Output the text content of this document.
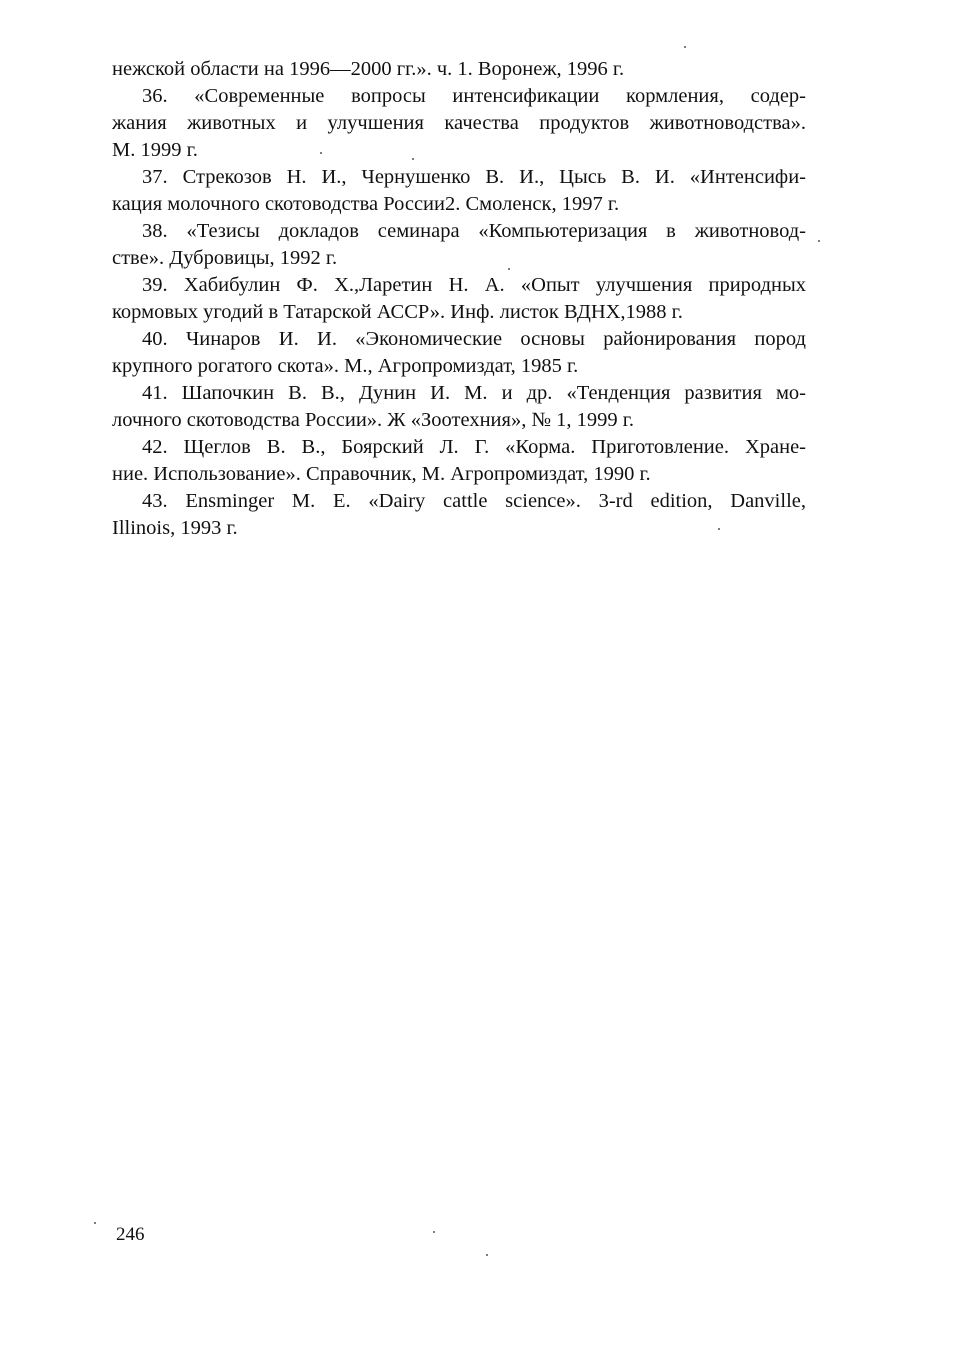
нежской области на 1996—2000 гг.». ч. 1. Воронеж, 1996 г.
36. «Современные вопросы интенсификации кормления, содер-
жания животных и улучшения качества продуктов животноводства».
М. 1999 г.
37. Стрекозов Н. И., Чернушенко В. И., Цысь В. И. «Интенсифи-
кация молочного скотоводства России2. Смоленск, 1997 г.
38. «Тезисы докладов семинара «Компьютеризация в животновод-
стве». Дубровицы, 1992 г.
39. Хабибулин Ф. Х.,Ларетин Н. А. «Опыт улучшения природных
кормовых угодий в Татарской АССР». Инф. листок ВДНХ,1988 г.
40. Чинаров И. И. «Экономические основы районирования пород
крупного рогатого скота». М., Агропромиздат, 1985 г.
41. Шапочкин В. В., Дунин И. М. и др. «Тенденция развития мо-
лочного скотоводства России». Ж «Зоотехния», № 1, 1999 г.
42. Щеглов В. В., Боярский Л. Г. «Корма. Приготовление. Хране-
ние. Использование». Справочник, М. Агропромиздат, 1990 г.
43. Ensminger M. E. «Dairy cattle science». 3-rd edition, Danville,
Illinois, 1993 г.
246
